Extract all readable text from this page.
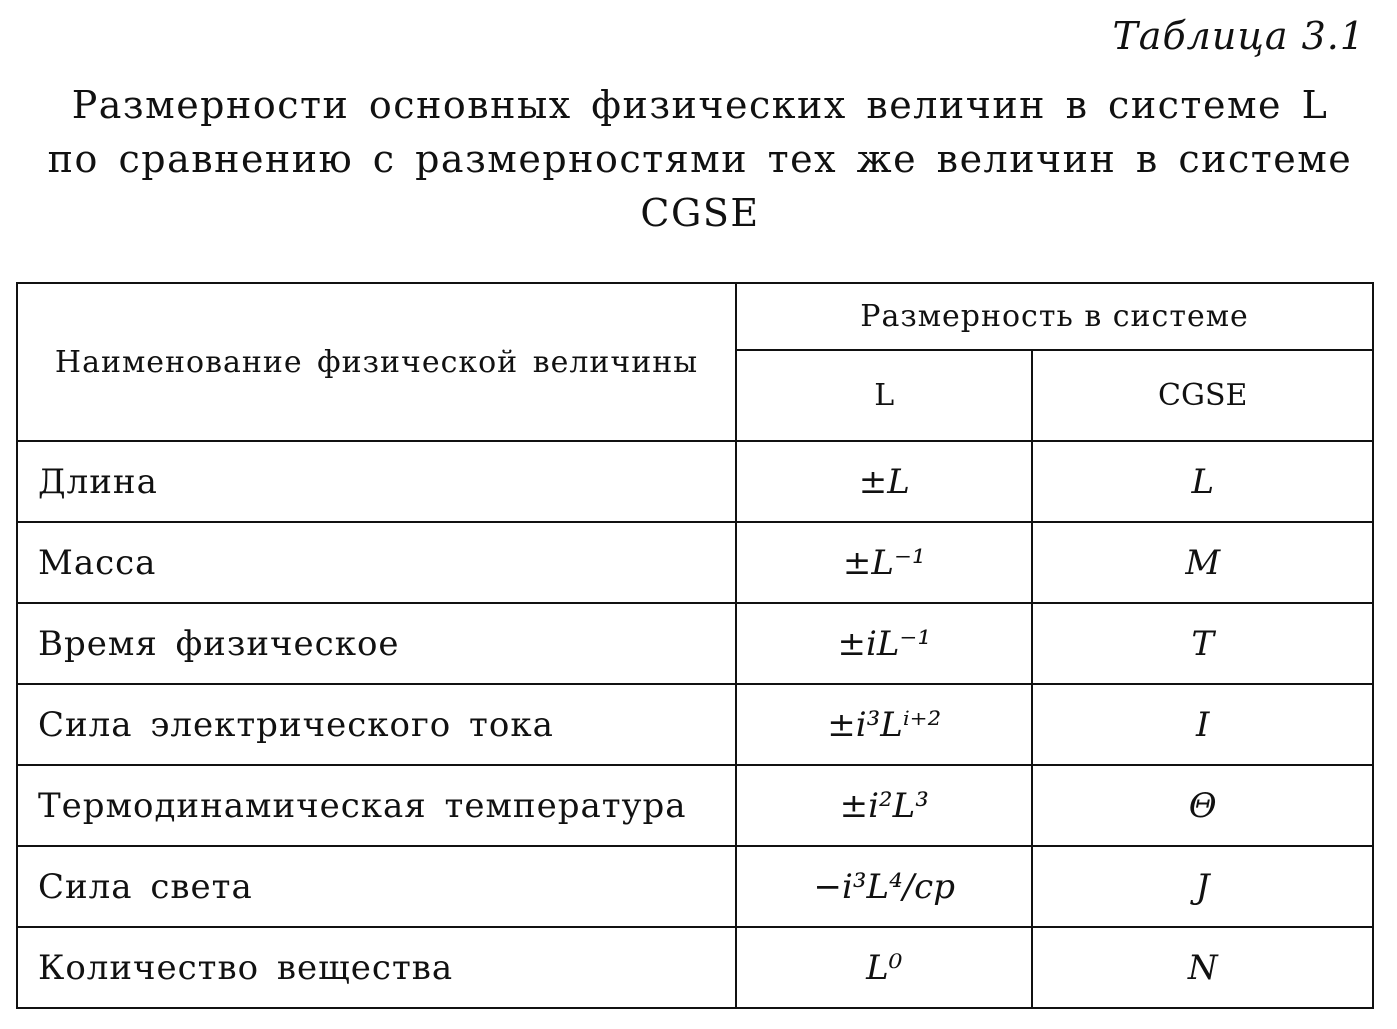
Таблица 3.1
Размерности основных физических величин в системе L
по сравнению с размерностями тех же величин в системе
CGSE
Наименование физической величины	Размерность в системе	
	L	CGSE
Длина	±L	L
Масса	±L⁻¹	M
Время физическое	±iL⁻¹	T
Сила электрического тока	±i³Lⁱ⁺²	I
Термодинамическая температура	±i²L³	Θ
Сила света	−i³L⁴/ср	J
Количество вещества	L⁰	N
